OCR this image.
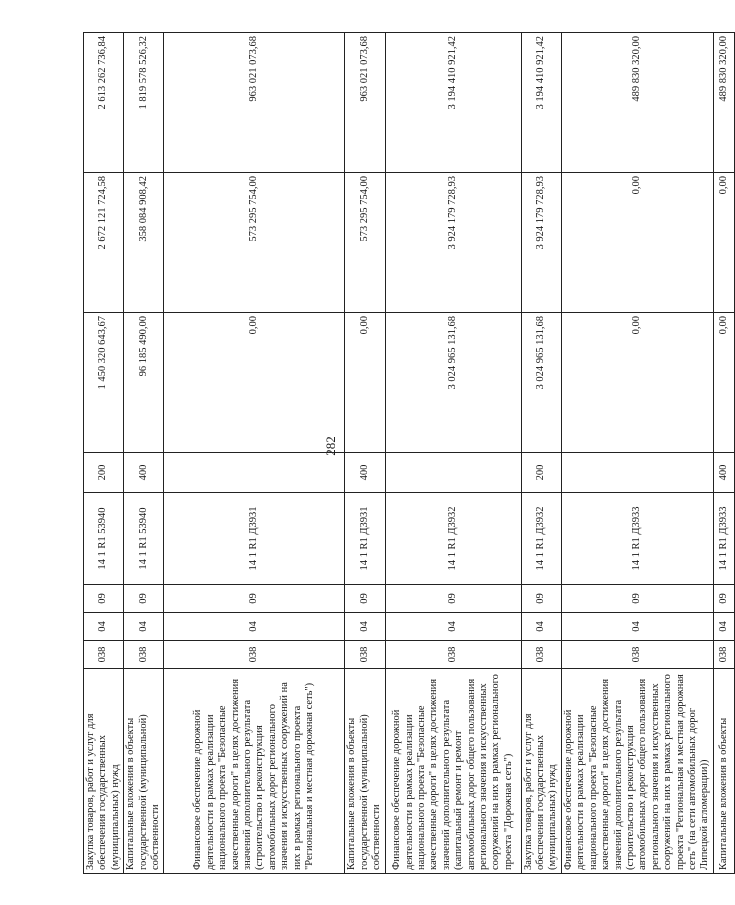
282
Закупка товаров, работ и услуг для обеспечения государственных (муниципальных) нужд	038	04	09	14 1 R1 53940	200	1 450 320 643,67	2 672 121 724,58	2 613 262 736,84
Капитальные вложения в объекты государственной (муниципальной) собственности	038	04	09	14 1 R1 53940	400	96 185 490,00	358 084 908,42	1 819 578 526,32
Финансовое обеспечение дорожной деятельности в рамках реализации национального проекта "Безопасные качественные дороги" в целях достижения значений дополнительного результата (строительство и реконструкция автомобильных дорог регионального значения и искусственных сооружений на них в рамках регионального проекта "Региональная и местная дорожная сеть")	038	04	09	14 1 R1 Д3931		0,00	573 295 754,00	963 021 073,68
Капитальные вложения в объекты государственной (муниципальной) собственности	038	04	09	14 1 R1 Д3931	400	0,00	573 295 754,00	963 021 073,68
Финансовое обеспечение дорожной деятельности в рамках реализации национального проекта "Безопасные качественные дороги" в целях достижения значений дополнительного результата (капитальный ремонт и ремонт автомобильных дорог общего пользования регионального значения и искусственных сооружений на них в рамках регионального проекта "Дорожная сеть")	038	04	09	14 1 R1 Д3932		3 024 965 131,68	3 924 179 728,93	3 194 410 921,42
Закупка товаров, работ и услуг для обеспечения государственных (муниципальных) нужд	038	04	09	14 1 R1 Д3932	200	3 024 965 131,68	3 924 179 728,93	3 194 410 921,42
Финансовое обеспечение дорожной деятельности в рамках реализации национального проекта "Безопасные качественные дороги" в целях достижения значений дополнительного результата (строительство и реконструкция автомобильных дорог общего пользования регионального значения и искусственных сооружений на них в рамках регионального проекта "Региональная и местная дорожная сеть" (на сети автомобильных дорог Липецкой агломерации))	038	04	09	14 1 R1 Д3933		0,00	0,00	489 830 320,00
Капитальные вложения в объекты	038	04	09	14 1 R1 Д3933	400	0,00	0,00	489 830 320,00
